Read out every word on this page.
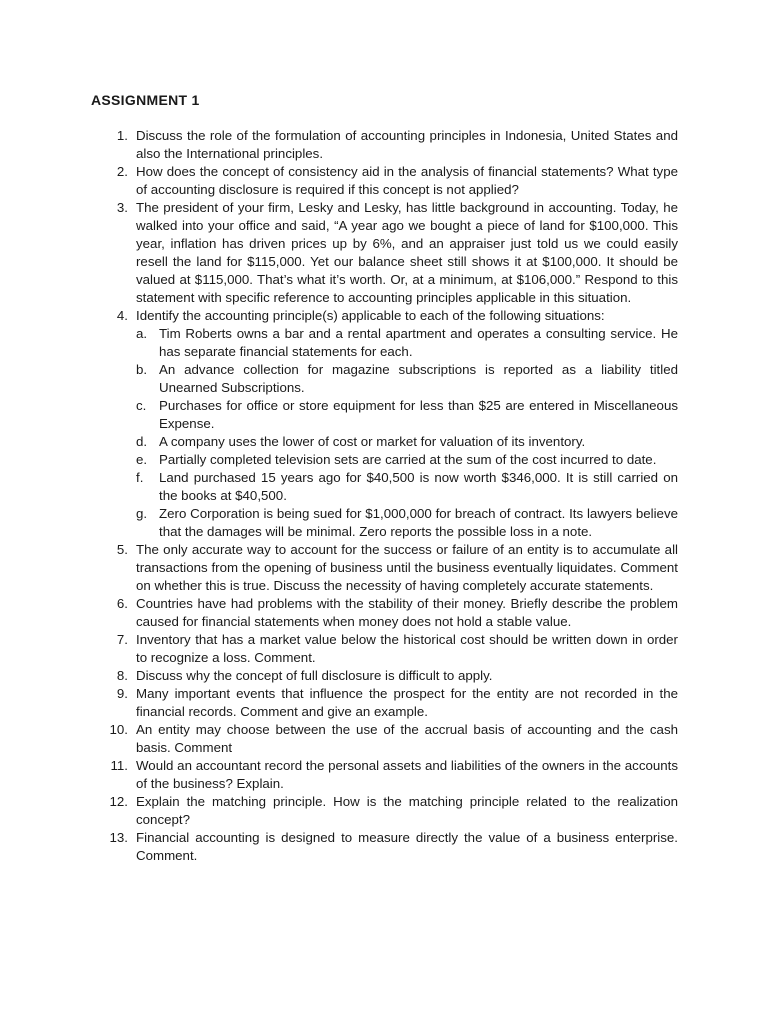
ASSIGNMENT 1
1. Discuss the role of the formulation of accounting principles in Indonesia, United States and also the International principles.
2. How does the concept of consistency aid in the analysis of financial statements? What type of accounting disclosure is required if this concept is not applied?
3. The president of your firm, Lesky and Lesky, has little background in accounting. Today, he walked into your office and said, “A year ago we bought a piece of land for $100,000. This year, inflation has driven prices up by 6%, and an appraiser just told us we could easily resell the land for $115,000. Yet our balance sheet still shows it at $100,000. It should be valued at $115,000. That’s what it’s worth. Or, at a minimum, at $106,000.” Respond to this statement with specific reference to accounting principles applicable in this situation.
4. Identify the accounting principle(s) applicable to each of the following situations:
a. Tim Roberts owns a bar and a rental apartment and operates a consulting service. He has separate financial statements for each.
b. An advance collection for magazine subscriptions is reported as a liability titled Unearned Subscriptions.
c. Purchases for office or store equipment for less than $25 are entered in Miscellaneous Expense.
d. A company uses the lower of cost or market for valuation of its inventory.
e. Partially completed television sets are carried at the sum of the cost incurred to date.
f. Land purchased 15 years ago for $40,500 is now worth $346,000. It is still carried on the books at $40,500.
g. Zero Corporation is being sued for $1,000,000 for breach of contract. Its lawyers believe that the damages will be minimal. Zero reports the possible loss in a note.
5. The only accurate way to account for the success or failure of an entity is to accumulate all transactions from the opening of business until the business eventually liquidates. Comment on whether this is true. Discuss the necessity of having completely accurate statements.
6. Countries have had problems with the stability of their money. Briefly describe the problem caused for financial statements when money does not hold a stable value.
7. Inventory that has a market value below the historical cost should be written down in order to recognize a loss. Comment.
8. Discuss why the concept of full disclosure is difficult to apply.
9. Many important events that influence the prospect for the entity are not recorded in the financial records. Comment and give an example.
10. An entity may choose between the use of the accrual basis of accounting and the cash basis. Comment
11. Would an accountant record the personal assets and liabilities of the owners in the accounts of the business? Explain.
12. Explain the matching principle. How is the matching principle related to the realization concept?
13. Financial accounting is designed to measure directly the value of a business enterprise. Comment.
